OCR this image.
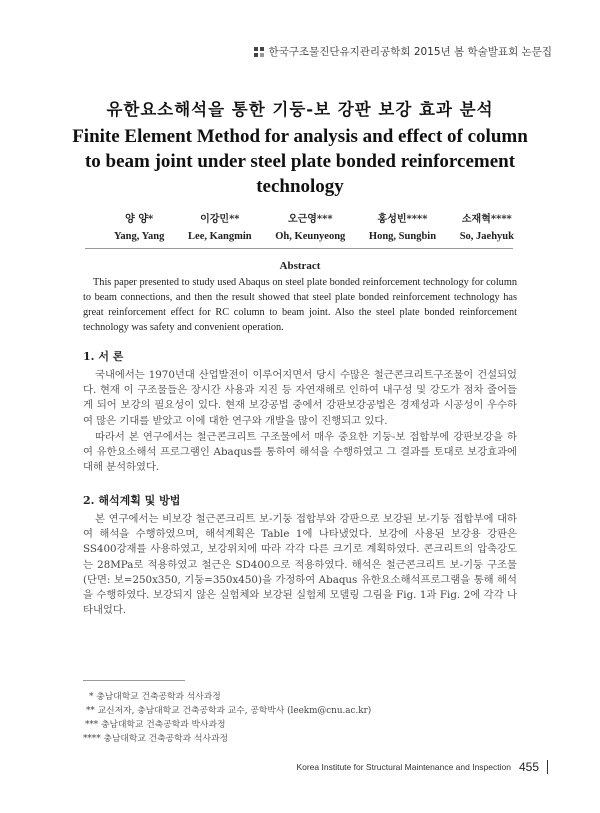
한국구조물진단유지관리공학회 2015년 봄 학술발표회 논문집
유한요소해석을 통한 기둥-보 강판 보강 효과 분석
Finite Element Method for analysis and effect of column to beam joint under steel plate bonded reinforcement technology
양 양*
Yang, Yang
이강민**
Lee, Kangmin
오근영***
Oh, Keunyeong
홍성빈****
Hong, Sungbin
소재혁****
So, Jaehyuk
Abstract

This paper presented to study used Abaqus on steel plate bonded reinforcement technology for column to beam connections, and then the result showed that steel plate bonded reinforcement technology has great reinforcement effect for RC column to beam joint. Also the steel plate bonded reinforcement technology was safety and convenient operation.

1. 서 론

국내에서는 1970년대 산업발전이 이루어지면서 당시 수많은 철근콘크리트구조물이 건설되었다. 현재 이 구조물들은 장시간 사용과 지진 등 자연재해로 인하여 내구성 및 강도가 점차 줄어들게 되어 보강의 필요성이 있다. 현재 보강공법 중에서 강판보강공법은 경제성과 시공성이 우수하여 많은 기대를 받았고 이에 대한 연구와 개발을 많이 진행되고 있다.

따라서 본 연구에서는 철근콘크리트 구조물에서 매우 중요한 기둥-보 접합부에 강판보강을 하여 유한요소해석 프로그램인 Abaqus를 통하여 해석을 수행하였고 그 결과를 토대로 보강효과에 대해 분석하였다.

2. 해석계획 및 방법

본 연구에서는 비보강 철근콘크리트 보-기둥 접합부와 강판으로 보강된 보-기둥 접합부에 대하여 해석을 수행하였으며, 해석계획은 Table 1에 나타냈었다. 보강에 사용된 보강용 강판은 SS400강재를 사용하였고, 보강위치에 따라 각각 다른 크기로 계획하였다. 콘크리트의 압축강도는 28MPa로 적용하였고 철근은 SD400으로 적용하였다. 해석은 철근콘크리트 보-기둥 구조물(단면: 보=250x350, 기둥=350x450)을 가정하여 Abaqus 유한요소해석프로그램을 통해 해석을 수행하였다. 보강되지 않은 실험체와 보강된 실험체 모델링 그림을 Fig. 1과 Fig. 2에 각각 나타내었다.

* 충남대학교 건축공학과 석사과정
** 교신저자, 충남대학교 건축공학과 교수, 공학박사 (leekm@cnu.ac.kr)
*** 충남대학교 건축공학과 박사과정
**** 충남대학교 건축공학과 석사과정
Korea Institute for Structural Maintenance and Inspection 455
